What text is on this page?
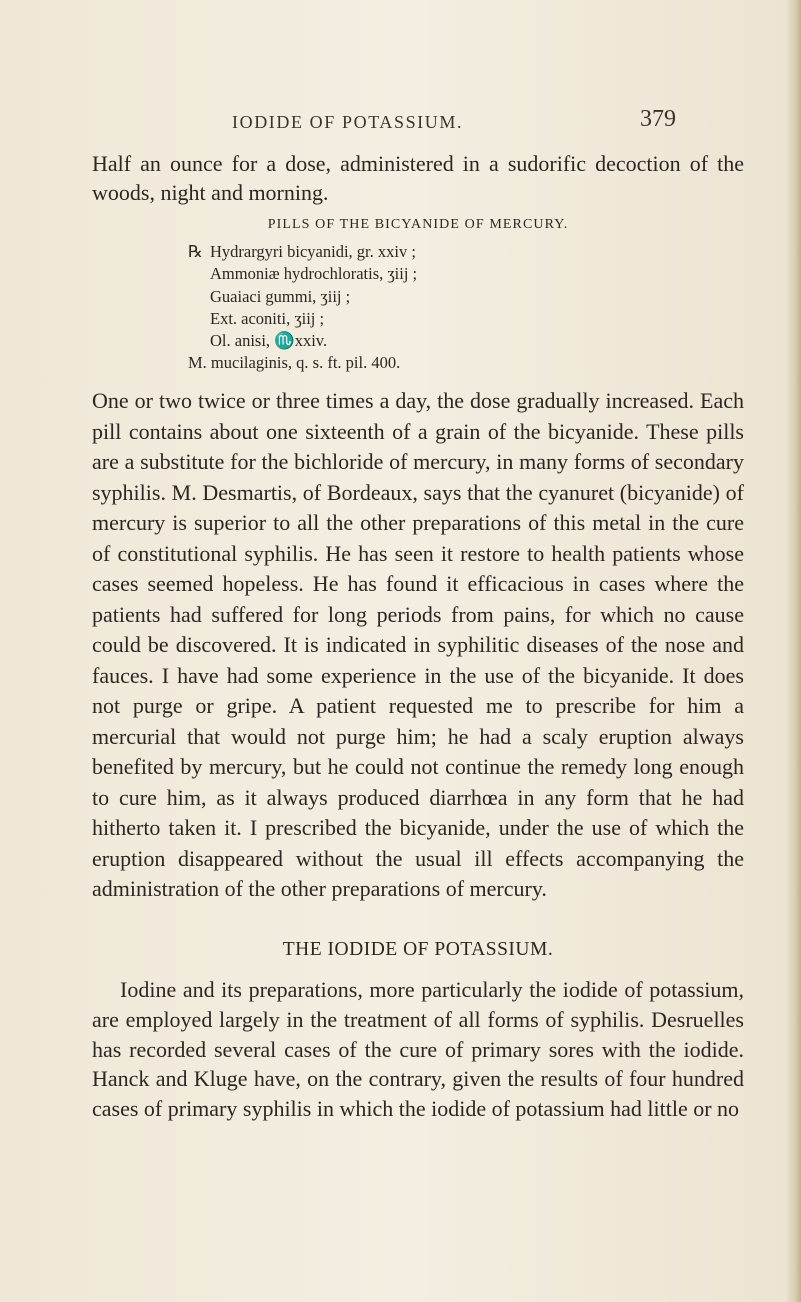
IODIDE OF POTASSIUM.	379

Half an ounce for a dose, administered in a sudorific decoction of the woods, night and morning.

PILLS OF THE BICYANIDE OF MERCURY.
℞ Hydrargyri bicyanidi, gr. xxiv ;
Ammoniæ hydrochloratis, ʒiij ;
Guaiaci gummi, ʒiij ;
Ext. aconiti, ʒiij ;
Ol. anisi, ♏xxiv.
M. mucilaginis, q. s. ft. pil. 400.

One or two twice or three times a day, the dose gradually increased. Each pill contains about one sixteenth of a grain of the bicyanide. These pills are a substitute for the bichloride of mercury, in many forms of secondary syphilis. M. Desmartis, of Bordeaux, says that the cyanuret (bicyanide) of mercury is superior to all the other preparations of this metal in the cure of constitutional syphilis. He has seen it restore to health patients whose cases seemed hopeless. He has found it efficacious in cases where the patients had suffered for long periods from pains, for which no cause could be discovered. It is indicated in syphilitic diseases of the nose and fauces. I have had some experience in the use of the bicyanide. It does not purge or gripe. A patient requested me to prescribe for him a mercurial that would not purge him; he had a scaly eruption always benefited by mercury, but he could not continue the remedy long enough to cure him, as it always produced diarrhœa in any form that he had hitherto taken it. I prescribed the bicyanide, under the use of which the eruption disappeared without the usual ill effects accompanying the administration of the other preparations of mercury.

THE IODIDE OF POTASSIUM.

Iodine and its preparations, more particularly the iodide of potassium, are employed largely in the treatment of all forms of syphilis. Desruelles has recorded several cases of the cure of primary sores with the iodide. Hanck and Kluge have, on the contrary, given the results of four hundred cases of primary syphilis in which the iodide of potassium had little or no
